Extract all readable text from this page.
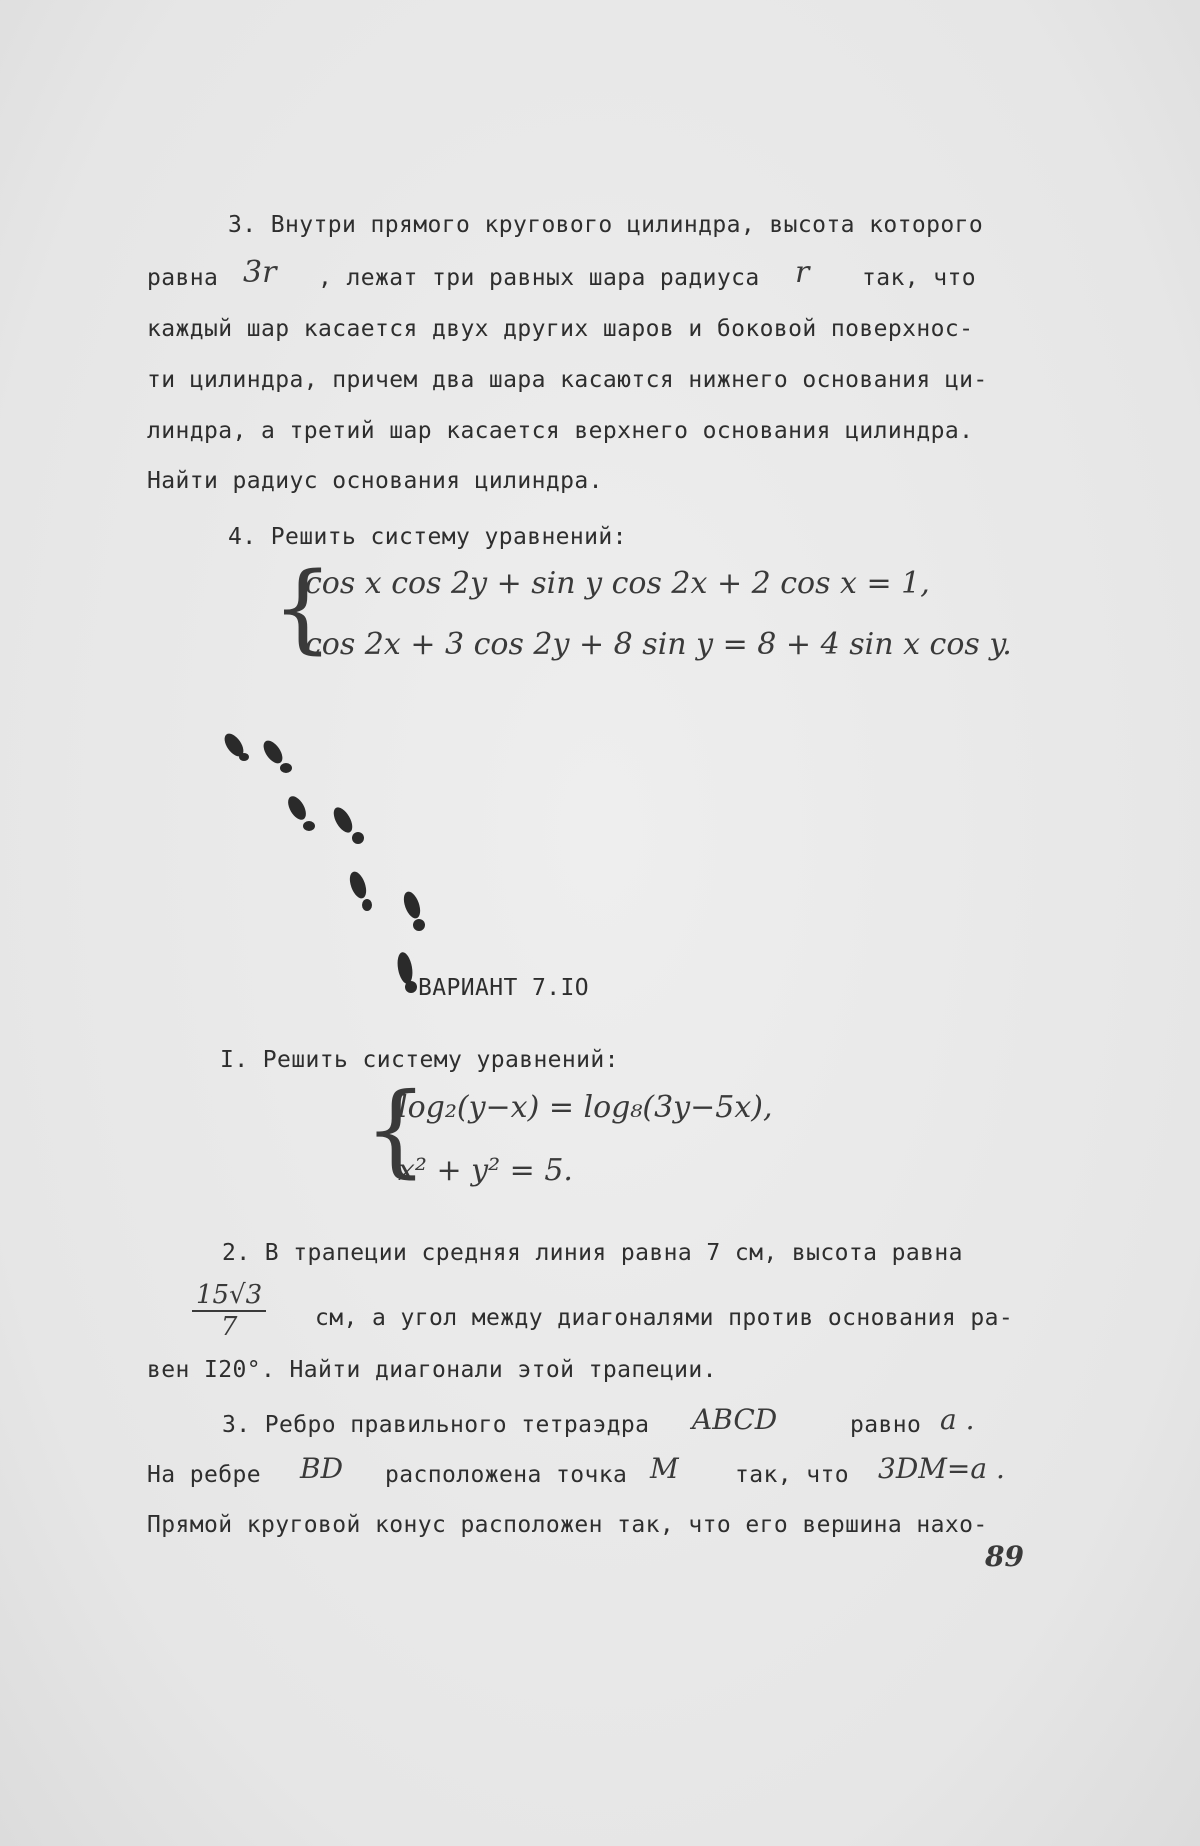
3. Внутри прямого кругового цилиндра, высота которого
равна 3r , лежат три равных шара радиуса r так, что
каждый шар касается двух других шаров и боковой поверхнос-
ти цилиндра, причем два шара касаются нижнего основания ци-
линдра, а третий шар касается верхнего основания цилиндра.
Найти радиус основания цилиндра.
4. Решить систему уравнений:
{
cos x cos 2y + sin y cos 2x + 2 cos x = 1,
cos 2x + 3 cos 2y + 8 sin y = 8 + 4 sin x cos y.
ВАРИАНТ 7.IO
I. Решить систему уравнений:
{
log₂(y−x) = log₈(3y−5x),
x² + y² = 5.
2. В трапеции средняя линия равна 7 см, высота равна
$\frac{15√3}{7}$ см, а угол между диагоналями против основания ра-
вен I20°. Найти диагонали этой трапеции.
3. Ребро правильного тетраэдра ABCD	равно a .
На ребре BD расположена точка M так, что 3DM=a .
Прямой круговой конус расположен так, что его вершина нахо-
89
